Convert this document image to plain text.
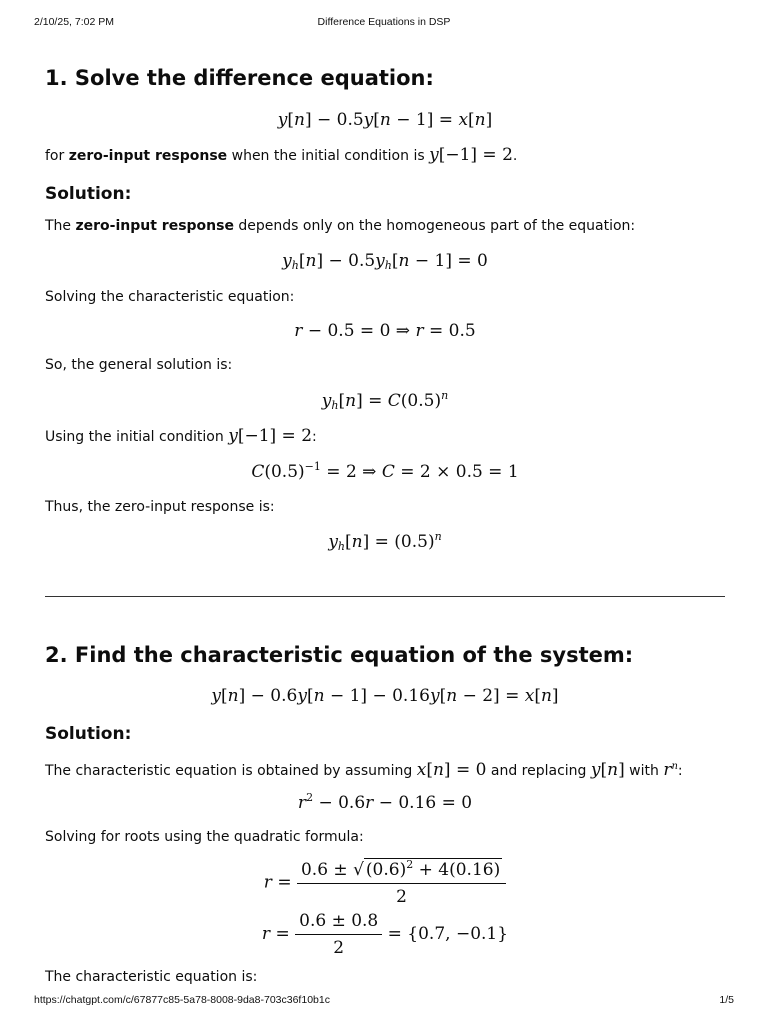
2/10/25, 7:02 PM	Difference Equations in DSP
1. Solve the difference equation:
y[n] − 0.5y[n − 1] = x[n]
for zero-input response when the initial condition is y[−1] = 2.
Solution:
The zero-input response depends only on the homogeneous part of the equation:
$y_h[n] - 0.5y_h[n - 1] = 0$
Solving the characteristic equation:
r − 0.5 = 0 ⇒ r = 0.5
So, the general solution is:
$y_h[n] = C(0.5)^n$
Using the initial condition y[−1] = 2:
$C(0.5)^{-1} = 2$ ⇒ C = 2 × 0.5 = 1
Thus, the zero-input response is:
$y_h[n] = (0.5)^n$
2. Find the characteristic equation of the system:
y[n] − 0.6y[n − 1] − 0.16y[n − 2] = x[n]
Solution:
The characteristic equation is obtained by assuming x[n] = 0 and replacing y[n] with $r^n$:
$r^2 - 0.6r - 0.16 = 0$
Solving for roots using the quadratic formula:
$r = \frac{0.6 \pm √ (0.6)^2 + 4(0.16)}{2}$
$r = \frac{0.6 \pm 0.8}{2} = \{0.7$, −0.1}
The characteristic equation is:
https://chatgpt.com/c/67877c85-5a78-8008-9da8-703c36f10b1c	1/5
